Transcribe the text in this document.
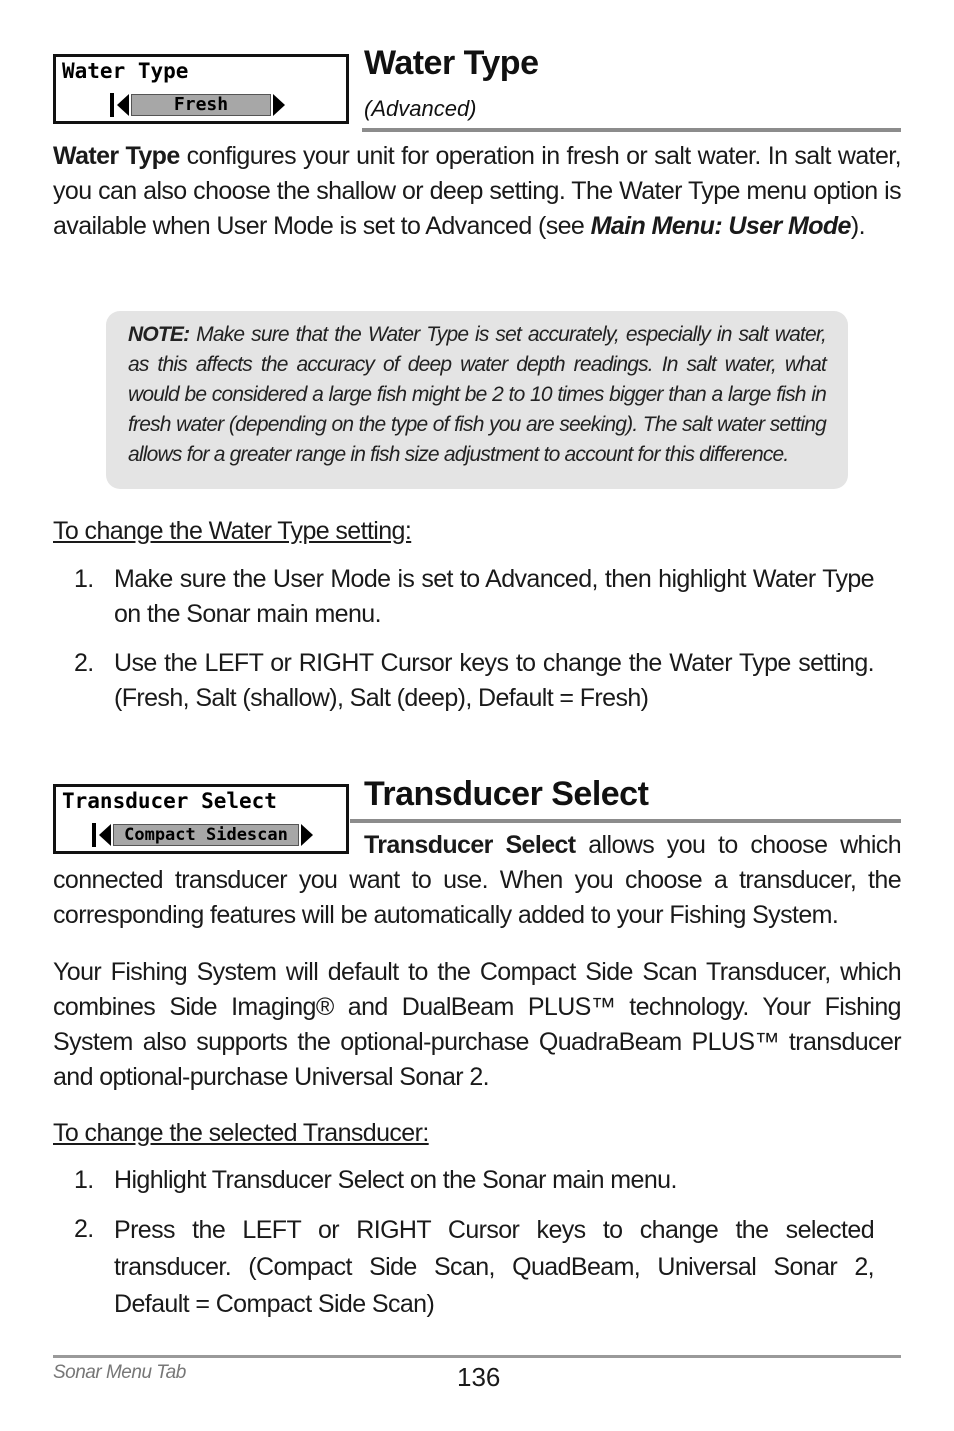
Water Type
Fresh
Water Type
(Advanced)
Water Type configures your unit for operation in fresh or salt water. In salt water, you can also choose the shallow or deep setting. The Water Type menu option is available when User Mode is set to Advanced (see Main Menu: User Mode).
NOTE: Make sure that the Water Type is set accurately, especially in salt water, as this affects the accuracy of deep water depth readings. In salt water, what would be considered a large fish might be 2 to 10 times bigger than a large fish in fresh water (depending on the type of fish you are seeking). The salt water setting allows for a greater range in fish size adjustment to account for this difference.
To change the Water Type setting:
1. Make sure the User Mode is set to Advanced, then highlight Water Type on the Sonar main menu.
2. Use the LEFT or RIGHT Cursor keys to change the Water Type setting. (Fresh, Salt (shallow), Salt (deep), Default = Fresh)
Transducer Select
Compact Sidescan
Transducer Select
Transducer Select allows you to choose which
connected transducer you want to use. When you choose a transducer, the corresponding features will be automatically added to your Fishing System.
Your Fishing System will default to the Compact Side Scan Transducer, which combines Side Imaging® and DualBeam PLUS™ technology. Your Fishing System also supports the optional-purchase QuadraBeam PLUS™ transducer and optional-purchase Universal Sonar 2.
To change the selected Transducer:
1. Highlight Transducer Select on the Sonar main menu.
2. Press the LEFT or RIGHT Cursor keys to change the selected transducer. (Compact Side Scan, QuadBeam, Universal Sonar 2, Default = Compact Side Scan)
Sonar Menu Tab	136
